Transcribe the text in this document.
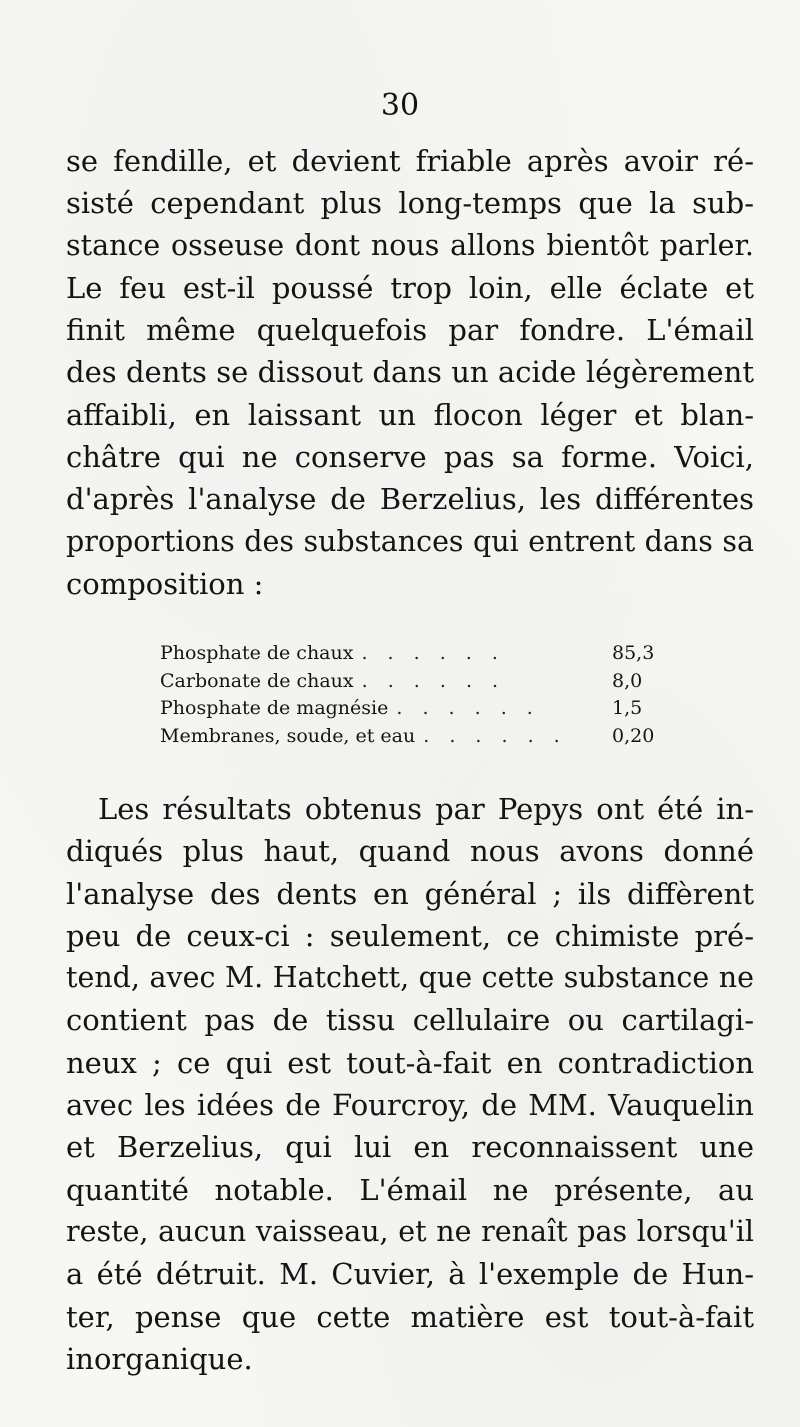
30

se fendille, et devient friable après avoir ré-
sisté cependant plus long-temps que la sub-
stance osseuse dont nous allons bientôt parler.
Le feu est-il poussé trop loin, elle éclate et
finit même quelquefois par fondre. L'émail
des dents se dissout dans un acide légèrement
affaibli, en laissant un flocon léger et blan-
châtre qui ne conserve pas sa forme. Voici,
d'après l'analyse de Berzelius, les différentes
proportions des substances qui entrent dans sa
composition :

Phosphate de chaux . . . . . .	85,3
Carbonate de chaux . . . . . .	8,0
Phosphate de magnésie . . . . . .	1,5
Membranes, soude, et eau . . . . . .	0,20

Les résultats obtenus par Pepys ont été in-
diqués plus haut, quand nous avons donné
l'analyse des dents en général ; ils diffèrent
peu de ceux-ci : seulement, ce chimiste pré-
tend, avec M. Hatchett, que cette substance ne
contient pas de tissu cellulaire ou cartilagi-
neux ; ce qui est tout-à-fait en contradiction
avec les idées de Fourcroy, de MM. Vauquelin
et Berzelius, qui lui en reconnaissent une
quantité notable. L'émail ne présente, au
reste, aucun vaisseau, et ne renaît pas lorsqu'il
a été détruit. M. Cuvier, à l'exemple de Hun-
ter, pense que cette matière est tout-à-fait
inorganique.
